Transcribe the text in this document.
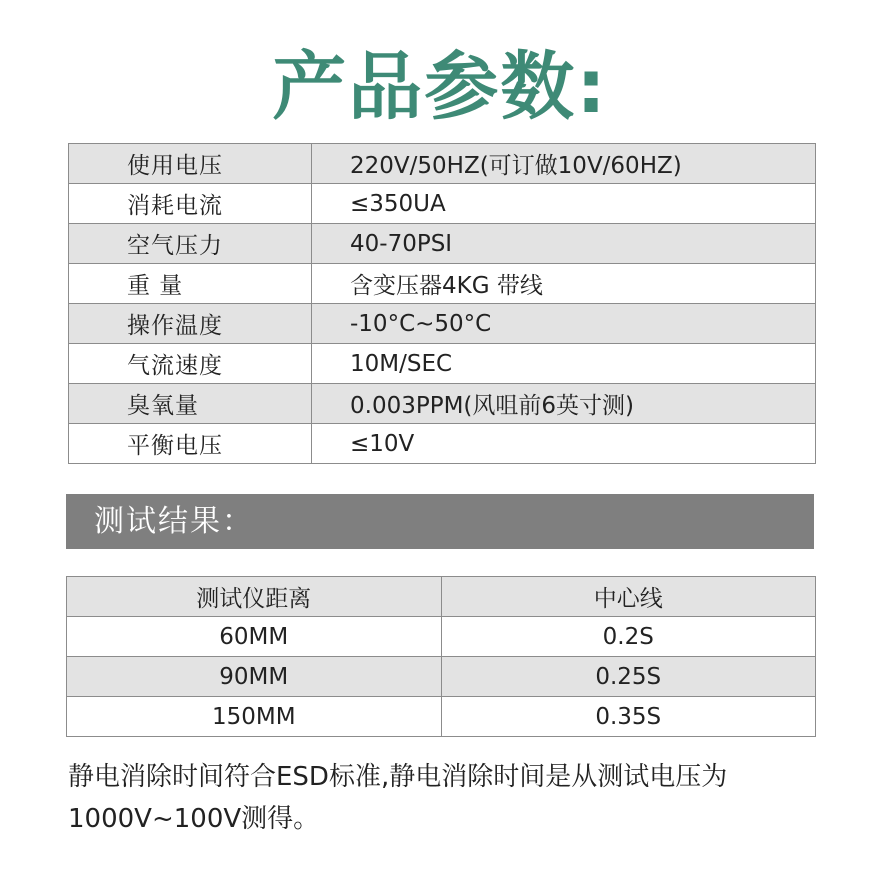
产品参数:
使用电压	220V/50HZ(可订做10V/60HZ)
消耗电流	≤350UA
空气压力	40-70PSI
重 量	含变压器4KG 带线
操作温度	-10°C~50°C
气流速度	10M/SEC
臭氧量	0.003PPM(风咀前6英寸测)
平衡电压	≤10V
测试结果：
测试仪距离	中心线
60MM	0.2S
90MM	0.25S
150MM	0.35S
静电消除时间符合ESD标准,静电消除时间是从测试电压为1000V~100V测得。
